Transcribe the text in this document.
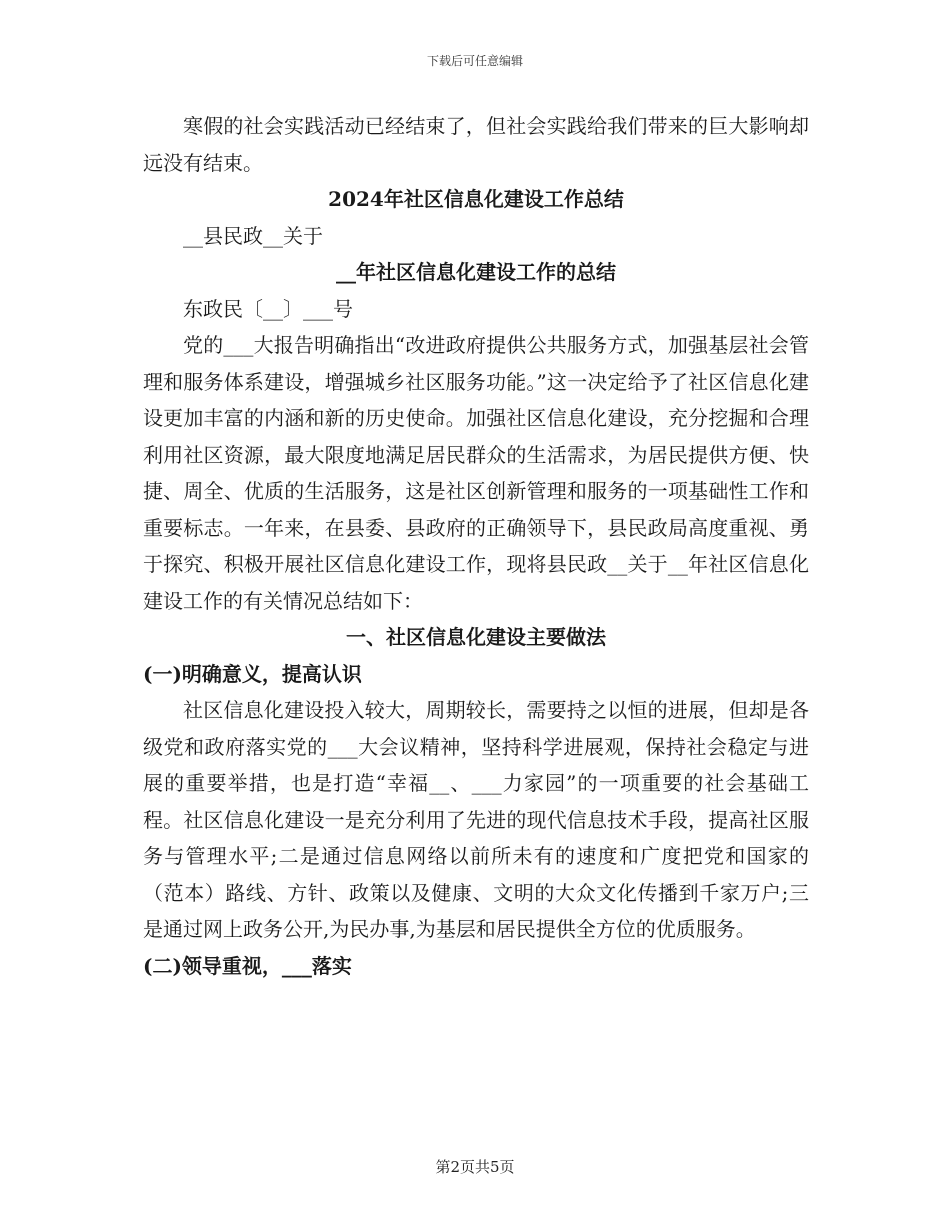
下载后可任意编辑

寒假的社会实践活动已经结束了，但社会实践给我们带来的巨大影响却远没有结束。

2024年社区信息化建设工作总结

__县民政__关于

__年社区信息化建设工作的总结

东政民〔__〕___号

党的___大报告明确指出“改进政府提供公共服务方式，加强基层社会管理和服务体系建设，增强城乡社区服务功能。”这一决定给予了社区信息化建设更加丰富的内涵和新的历史使命。加强社区信息化建设，充分挖掘和合理利用社区资源，最大限度地满足居民群众的生活需求，为居民提供方便、快捷、周全、优质的生活服务，这是社区创新管理和服务的一项基础性工作和重要标志。一年来，在县委、县政府的正确领导下，县民政局高度重视、勇于探究、积极开展社区信息化建设工作，现将县民政__关于__年社区信息化建设工作的有关情况总结如下：

一、社区信息化建设主要做法

(一)明确意义，提高认识

社区信息化建设投入较大，周期较长，需要持之以恒的进展，但却是各级党和政府落实党的___大会议精神，坚持科学进展观，保持社会稳定与进展的重要举措，也是打造“幸福__、___力家园”的一项重要的社会基础工程。社区信息化建设一是充分利用了先进的现代信息技术手段，提高社区服务与管理水平;二是通过信息网络以前所未有的速度和广度把党和国家的（范本）路线、方针、政策以及健康、文明的大众文化传播到千家万户;三是通过网上政务公开,为民办事,为基层和居民提供全方位的优质服务。

(二)领导重视，___落实

第2页共5页
